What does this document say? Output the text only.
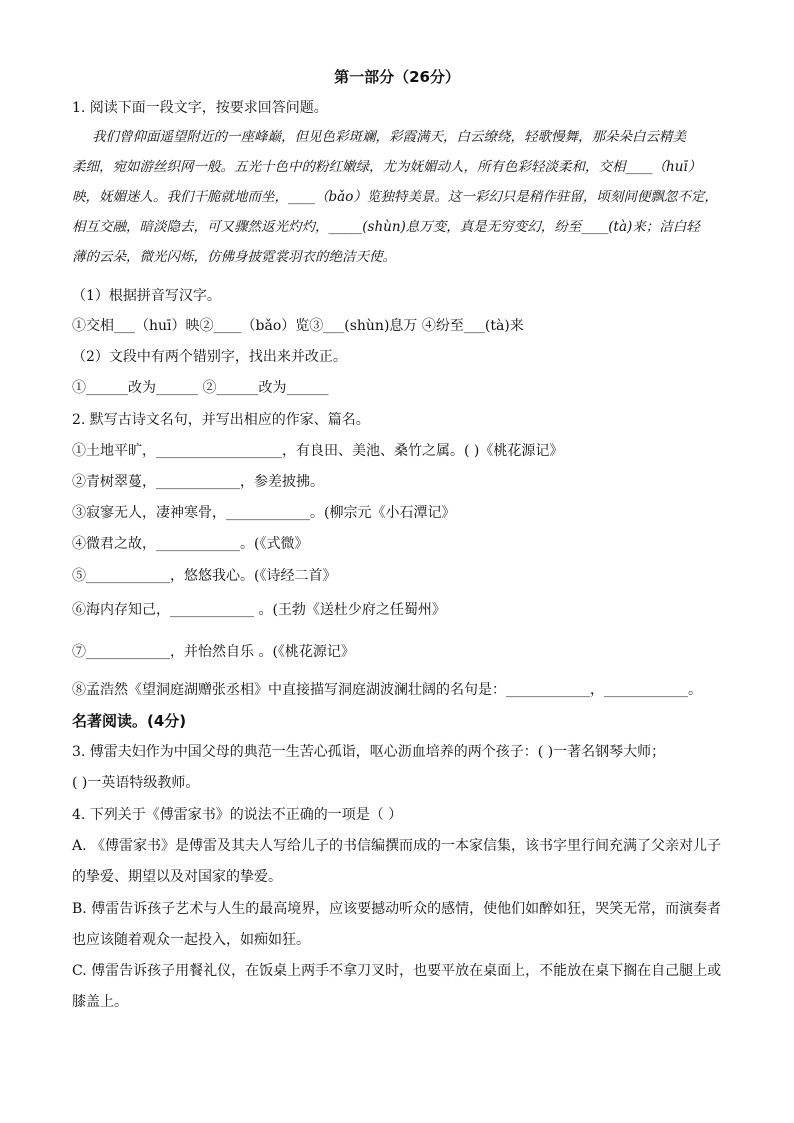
第一部分（26分）
1. 阅读下面一段文字，按要求回答问题。
我们曾仰面遥望附近的一座峰巅，但见色彩斑斓，彩霞满天，白云缭绕，轻歌慢舞，那朵朵白云精美
柔细，宛如游丝织网一般。五光十色中的粉红嫩绿，尤为妩媚动人，所有色彩轻淡柔和，交相____（huī）
映，妩媚迷人。我们干脆就地而坐，____（bǎo）览独特美景。这一彩幻只是稍作驻留，顷刻间便飘忽不定，
相互交融，暗淡隐去，可又骤然返光灼灼，_____(shùn)息万变，真是无穷变幻，纷至____(tà)来；洁白轻
薄的云朵，微光闪烁，仿佛身披霓裳羽衣的绝洁天使。
（1）根据拼音写汉字。
①交相___（huī）映②____（bǎo）览③___(shùn)息万 ④纷至___(tà)来
（2）文段中有两个错别字，找出来并改正。
①______改为______ ②______改为______
2. 默写古诗文名句，并写出相应的作家、篇名。
①土地平旷，__________________，有良田、美池、桑竹之属。( )《桃花源记》
②青树翠蔓，____________，参差披拂。
③寂寥无人，凄神寒骨，____________。(柳宗元《小石潭记》
④微君之故，____________。(《式微》
⑤____________，悠悠我心。(《诗经二首》
⑥海内存知己，____________ 。(王勃《送杜少府之任蜀州》
⑦____________，并怡然自乐 。(《桃花源记》
⑧孟浩然《望洞庭湖赠张丞相》中直接描写洞庭湖波澜壮阔的名句是：____________，____________。
名著阅读。(4分)
3. 傅雷夫妇作为中国父母的典范一生苦心孤诣，呕心沥血培养的两个孩子：( )一著名钢琴大师；
( )一英语特级教师。
4. 下列关于《傅雷家书》的说法不正确的一项是（ ）
A. 《傅雷家书》是傅雷及其夫人写给儿子的书信编撰而成的一本家信集，该书字里行间充满了父亲对儿子
的挚爱、期望以及对国家的挚爱。
B. 傅雷告诉孩子艺术与人生的最高境界，应该要撼动听众的感情，使他们如醉如狂，哭笑无常，而演奏者
也应该随着观众一起投入，如痴如狂。
C. 傅雷告诉孩子用餐礼仪，在饭桌上两手不拿刀叉时，也要平放在桌面上，不能放在桌下搁在自己腿上或
膝盖上。
